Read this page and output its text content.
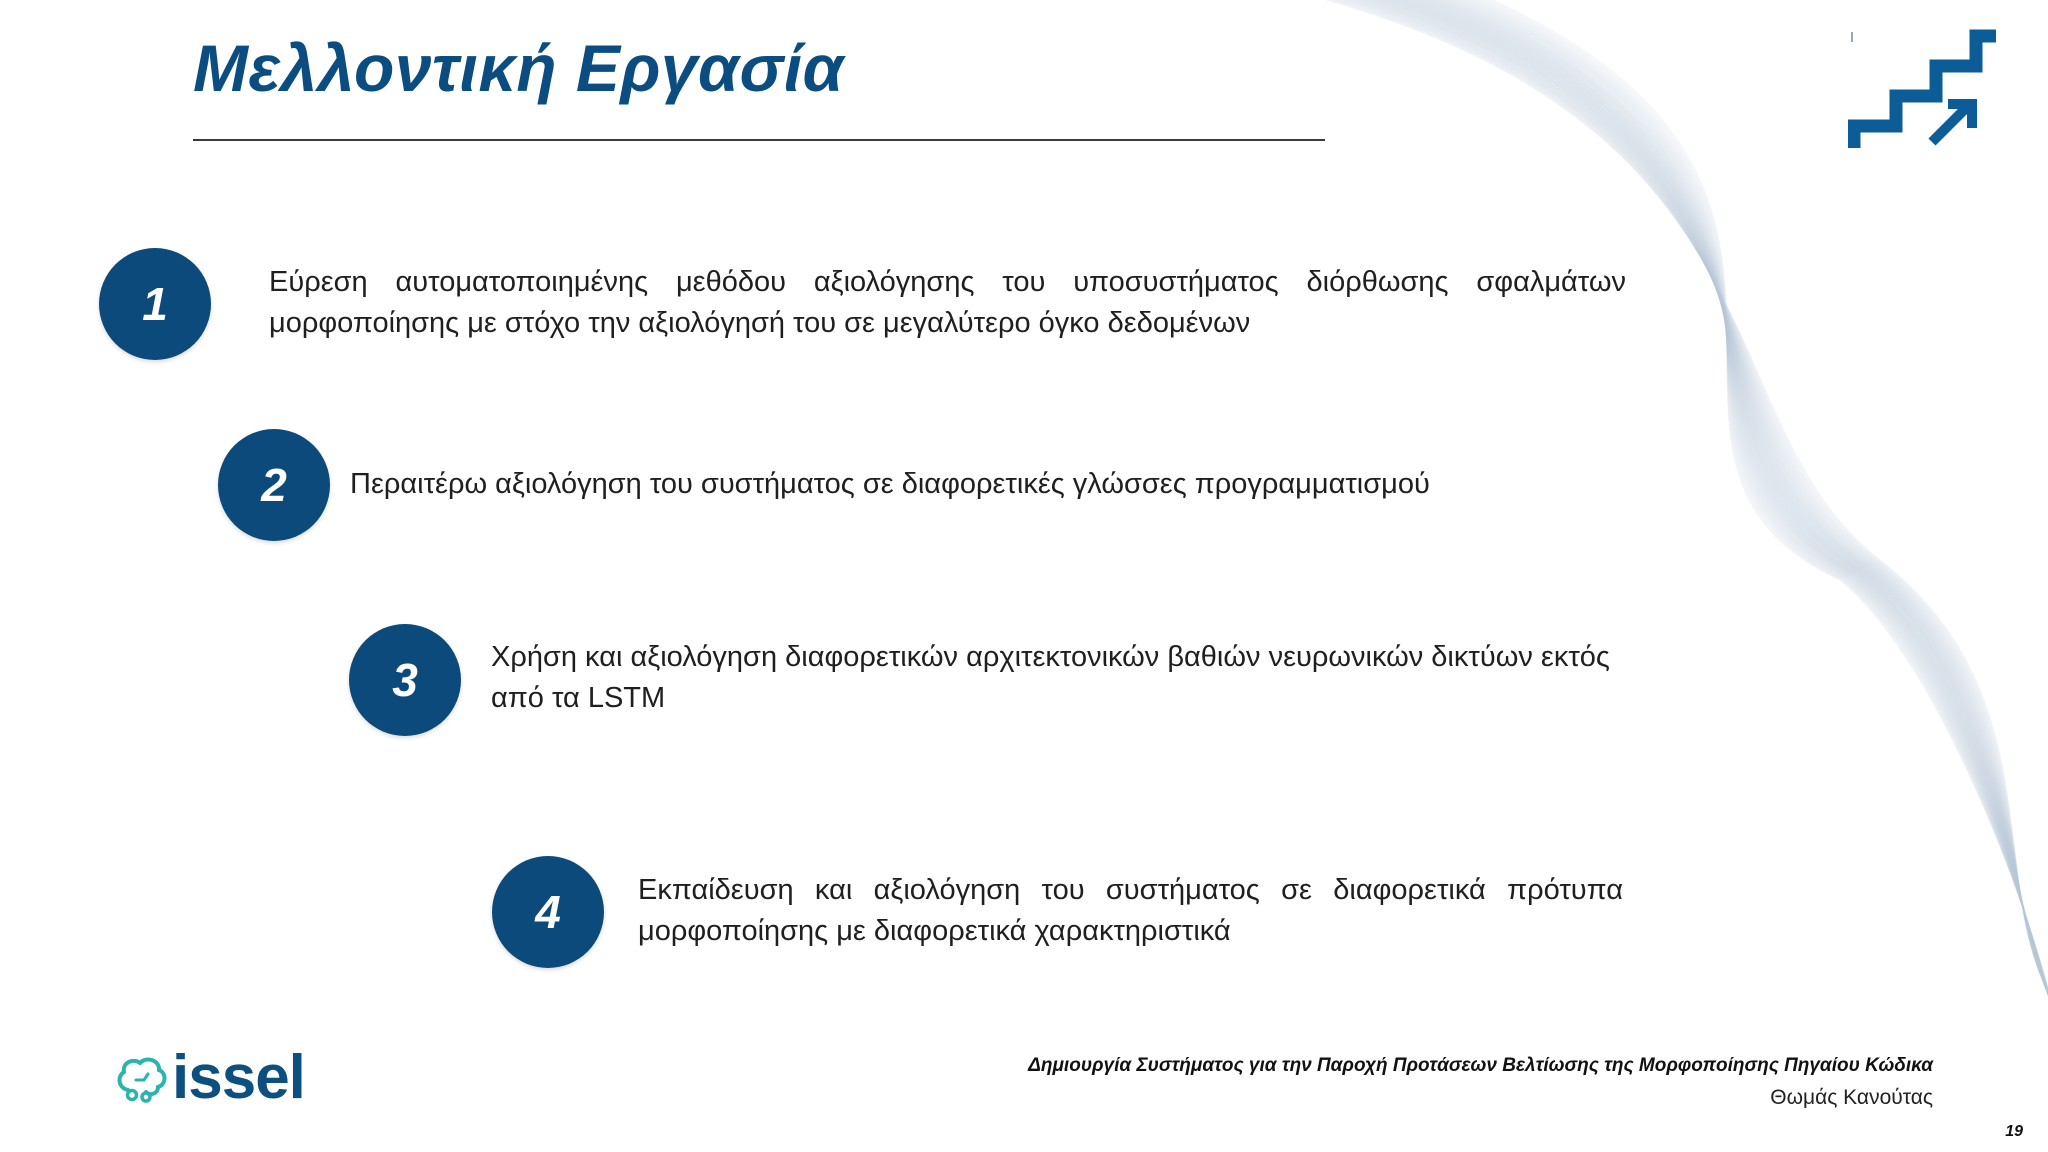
Μελλοντική Εργασία
1	Εύρεση αυτοματοποιημένης μεθόδου αξιολόγησης του υποσυστήματος διόρθωσης σφαλμάτων μορφοποίησης με στόχο την αξιολόγησή του σε μεγαλύτερο όγκο δεδομένων
2	Περαιτέρω αξιολόγηση του συστήματος σε διαφορετικές γλώσσες προγραμματισμού
3	Χρήση και αξιολόγηση διαφορετικών αρχιτεκτονικών βαθιών νευρωνικών δικτύων εκτός από τα LSTM
4	Εκπαίδευση και αξιολόγηση του συστήματος σε διαφορετικά πρότυπα μορφοποίησης με διαφορετικά χαρακτηριστικά
issel	Δημιουργία Συστήματος για την Παροχή Προτάσεων Βελτίωσης της Μορφοποίησης Πηγαίου Κώδικα
Θωμάς Κανούτας
19
